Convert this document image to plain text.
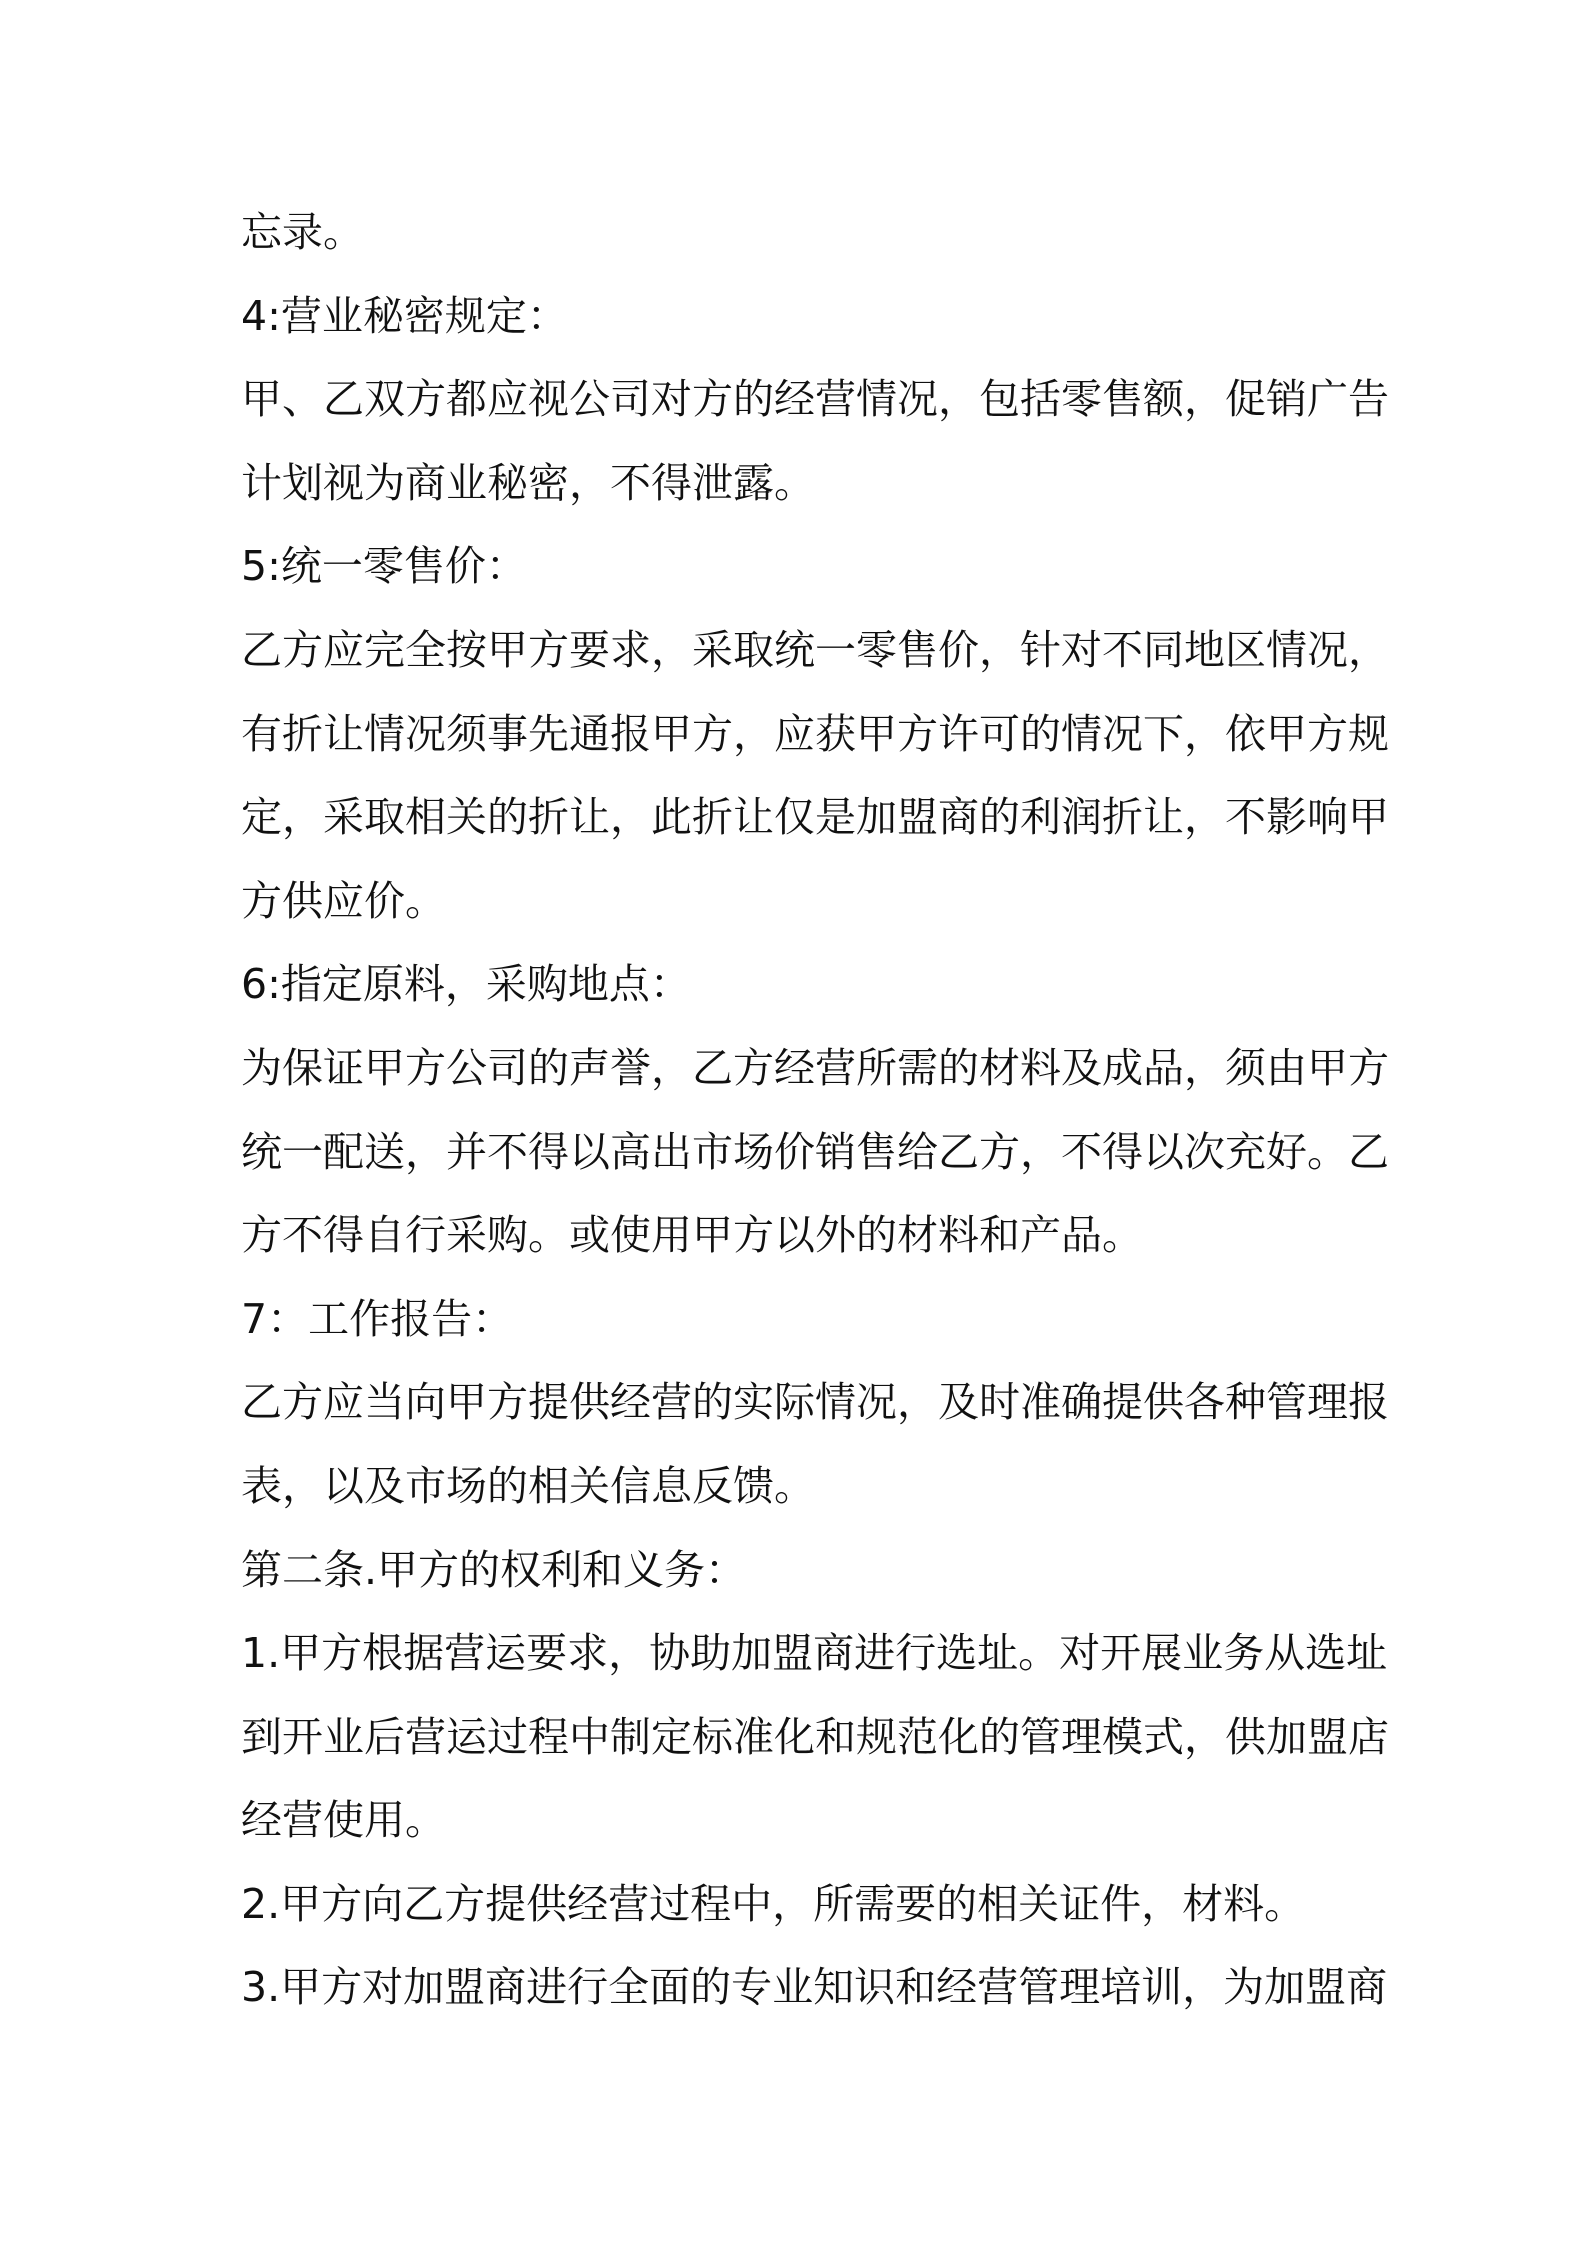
忘录。
4:营业秘密规定：
甲、乙双方都应视公司对方的经营情况，包括零售额，促销广告
计划视为商业秘密，不得泄露。
5:统一零售价：
乙方应完全按甲方要求，采取统一零售价，针对不同地区情况，
有折让情况须事先通报甲方，应获甲方许可的情况下，依甲方规
定，采取相关的折让，此折让仅是加盟商的利润折让，不影响甲
方供应价。
6:指定原料，采购地点：
为保证甲方公司的声誉，乙方经营所需的材料及成品，须由甲方
统一配送，并不得以高出市场价销售给乙方，不得以次充好。乙
方不得自行采购。或使用甲方以外的材料和产品。
7：工作报告：
乙方应当向甲方提供经营的实际情况，及时准确提供各种管理报
表，以及市场的相关信息反馈。
第二条.甲方的权利和义务：
1.甲方根据营运要求，协助加盟商进行选址。对开展业务从选址
到开业后营运过程中制定标准化和规范化的管理模式，供加盟店
经营使用。
2.甲方向乙方提供经营过程中，所需要的相关证件，材料。
3.甲方对加盟商进行全面的专业知识和经营管理培训，为加盟商
